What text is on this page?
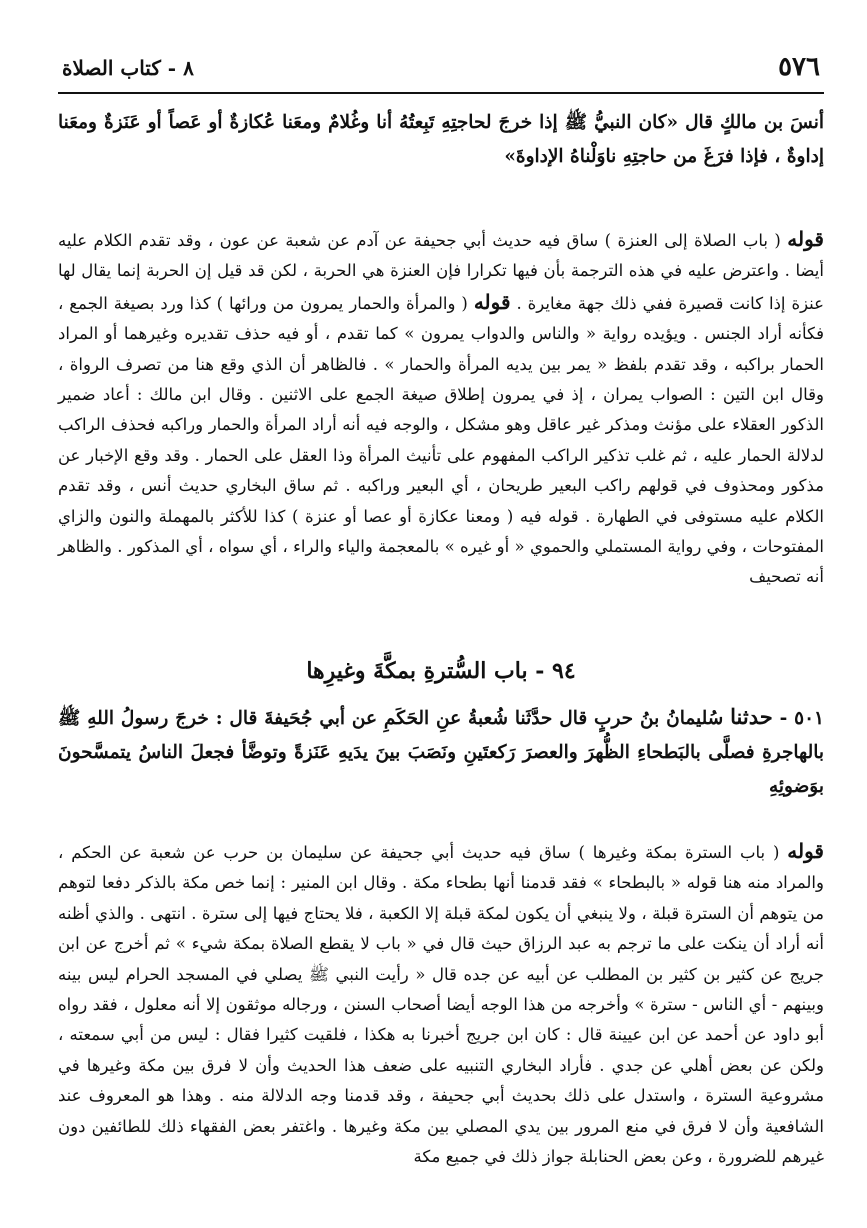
٥٧٦
٨ - كتاب الصلاة
أنسَ بن مالكٍ قال «كان النبيُّ ﷺ إذا خرجَ لحاجتِهِ تَبِعتُهُ أنا وغُلامٌ ومعَنا عُكازةٌ أو عَصاً أو عَنَزةٌ ومعَنا إداوةٌ ، فإذا فرَغَ من حاجتِهِ ناوَلْناهُ الإداوةَ»
قوله ( باب الصلاة إلى العنزة ) ساق فيه حديث أبي جحيفة عن آدم عن شعبة عن عون ، وقد تقدم الكلام عليه أيضا . واعترض عليه في هذه الترجمة بأن فيها تكرارا فإن العنزة هي الحربة ، لكن قد قيل إن الحربة إنما يقال لها عنزة إذا كانت قصيرة ففي ذلك جهة مغايرة . قوله ( والمرأة والحمار يمرون من ورائها ) كذا ورد بصيغة الجمع ، فكأنه أراد الجنس . ويؤيده رواية « والناس والدواب يمرون » كما تقدم ، أو فيه حذف تقديره وغيرهما أو المراد الحمار براكبه ، وقد تقدم بلفظ « يمر بين يديه المرأة والحمار » . فالظاهر أن الذي وقع هنا من تصرف الرواة ، وقال ابن التين : الصواب يمران ، إذ في يمرون إطلاق صيغة الجمع على الاثنين . وقال ابن مالك : أعاد ضمير الذكور العقلاء على مؤنث ومذكر غير عاقل وهو مشكل ، والوجه فيه أنه أراد المرأة والحمار وراكبه فحذف الراكب لدلالة الحمار عليه ، ثم غلب تذكير الراكب المفهوم على تأنيث المرأة وذا العقل على الحمار . وقد وقع الإخبار عن مذكور ومحذوف في قولهم راكب البعير طريحان ، أي البعير وراكبه . ثم ساق البخاري حديث أنس ، وقد تقدم الكلام عليه مستوفى في الطهارة . قوله فيه ( ومعنا عكازة أو عصا أو عنزة ) كذا للأكثر بالمهملة والنون والزاي المفتوحات ، وفي رواية المستملي والحموي « أو غيره » بالمعجمة والياء والراء ، أي سواه ، أي المذكور . والظاهر أنه تصحيف
٩٤ - باب السُّترةِ بمكَّةَ وغيرِها
٥٠١ - حدثنا سُليمانُ بنُ حربٍ قال حدَّثَنا شُعبةُ عنِ الحَكَمِ عن أبي جُحَيفةَ قال : خرجَ رسولُ اللهِ ﷺ بالهاجرةِ فصلَّى بالبَطحاءِ الظُّهرَ والعصرَ رَكعتَينِ ونَصَبَ بينَ يدَيهِ عَنَزةً وتوضَّأ فجعلَ الناسُ يتمسَّحونَ بوَضوئِهِ
قوله ( باب السترة بمكة وغيرها ) ساق فيه حديث أبي جحيفة عن سليمان بن حرب عن شعبة عن الحكم ، والمراد منه هنا قوله « بالبطحاء » فقد قدمنا أنها بطحاء مكة . وقال ابن المنير : إنما خص مكة بالذكر دفعا لتوهم من يتوهم أن السترة قبلة ، ولا ينبغي أن يكون لمكة قبلة إلا الكعبة ، فلا يحتاج فيها إلى سترة . انتهى . والذي أظنه أنه أراد أن ينكت على ما ترجم به عبد الرزاق حيث قال في « باب لا يقطع الصلاة بمكة شيء » ثم أخرج عن ابن جريج عن كثير بن كثير بن المطلب عن أبيه عن جده قال « رأيت النبي ﷺ يصلي في المسجد الحرام ليس بينه وبينهم - أي الناس - سترة » وأخرجه من هذا الوجه أيضا أصحاب السنن ، ورجاله موثقون إلا أنه معلول ، فقد رواه أبو داود عن أحمد عن ابن عيينة قال : كان ابن جريج أخبرنا به هكذا ، فلقيت كثيرا فقال : ليس من أبي سمعته ، ولكن عن بعض أهلي عن جدي . فأراد البخاري التنبيه على ضعف هذا الحديث وأن لا فرق بين مكة وغيرها في مشروعية السترة ، واستدل على ذلك بحديث أبي جحيفة ، وقد قدمنا وجه الدلالة منه . وهذا هو المعروف عند الشافعية وأن لا فرق في منع المرور بين يدي المصلي بين مكة وغيرها . واغتفر بعض الفقهاء ذلك للطائفين دون غيرهم للضرورة ، وعن بعض الحنابلة جواز ذلك في جميع مكة
